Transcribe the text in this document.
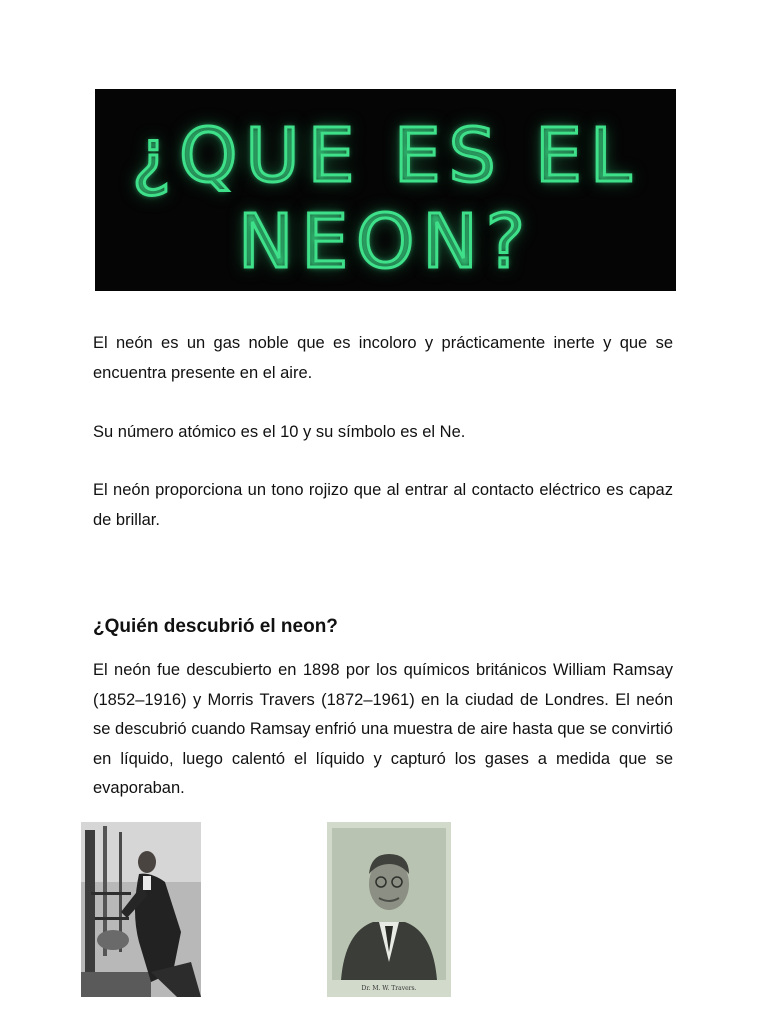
¿QUE ES EL
NEON?

El neón es un gas noble que es incoloro y prácticamente inerte y que se encuentra presente en el aire.

Su número atómico es el 10 y su símbolo es el Ne.

El neón proporciona un tono rojizo que al entrar al contacto eléctrico es capaz de brillar.

¿Quién descubrió el neon?

El neón fue descubierto en 1898 por los químicos británicos William Ramsay (1852–1916) y Morris Travers (1872–1961) en la ciudad de Londres. El neón se descubrió cuando Ramsay enfrió una muestra de aire hasta que se convirtió en líquido, luego calentó el líquido y capturó los gases a medida que se evaporaban.

Dr. M. W. Travers.
